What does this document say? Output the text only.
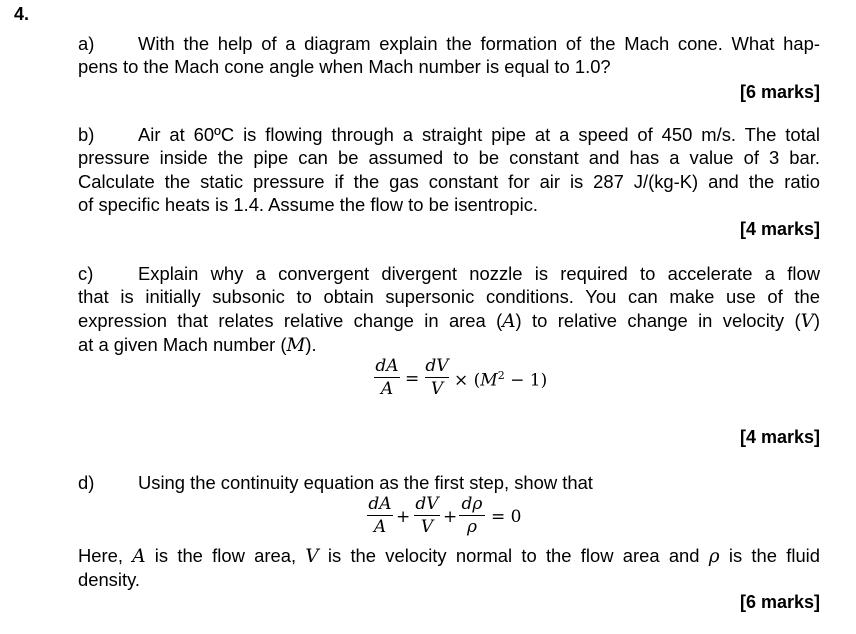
4.
a) With the help of a diagram explain the formation of the Mach cone. What hap-
pens to the Mach cone angle when Mach number is equal to 1.0?
[6 marks]
b) Air at 60ºC is flowing through a straight pipe at a speed of 450 m/s. The total
pressure inside the pipe can be assumed to be constant and has a value of 3 bar.
Calculate the static pressure if the gas constant for air is 287 J/(kg-K) and the ratio
of specific heats is 1.4. Assume the flow to be isentropic.
[4 marks]
c) Explain why a convergent divergent nozzle is required to accelerate a flow
that is initially subsonic to obtain supersonic conditions. You can make use of the
expression that relates relative change in area (A) to relative change in velocity (V)
at a given Mach number (M).
dA
A =
dV
$V \times (M^2 - 1)$
[4 marks]
d) Using the continuity equation as the first step, show that
dA
A +
dV
V +
dρ
ρ = 0
Here, A is the flow area, V is the velocity normal to the flow area and ρ is the fluid
density.
[6 marks]
